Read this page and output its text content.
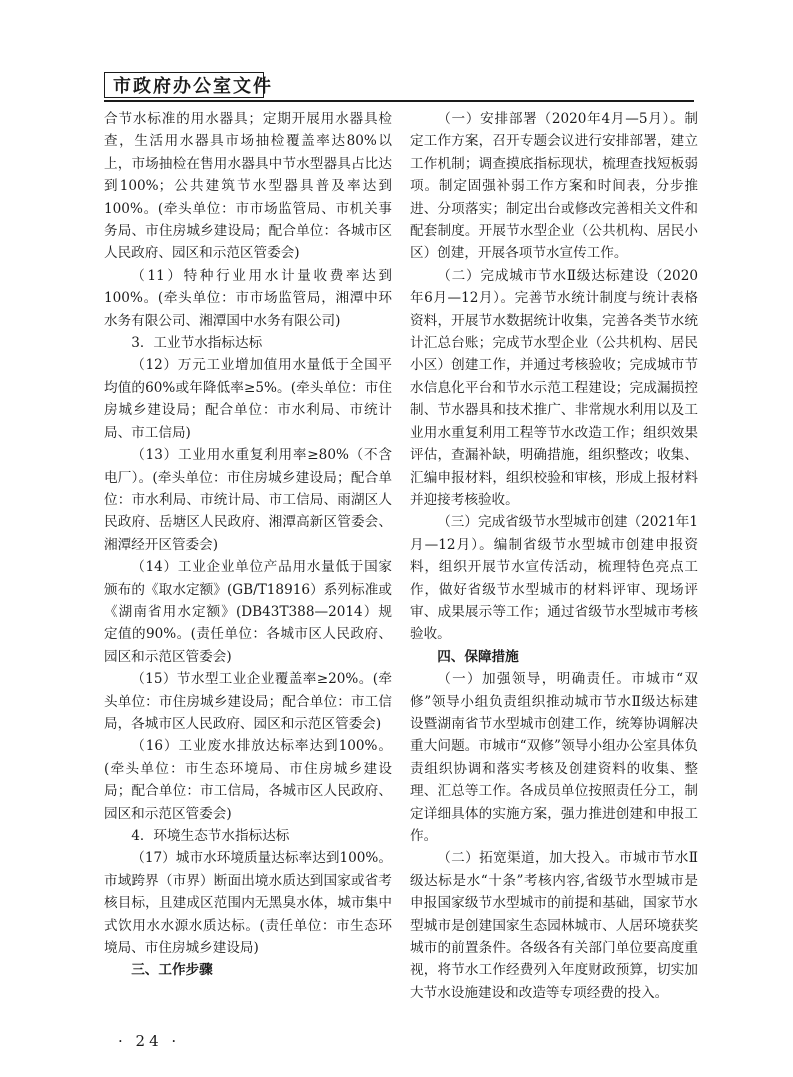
市政府办公室文件

合节水标准的用水器具；定期开展用水器具检查，生活用水器具市场抽检覆盖率达80%以上，市场抽检在售用水器具中节水型器具占比达到100%；公共建筑节水型器具普及率达到100%。(牵头单位：市市场监管局、市机关事务局、市住房城乡建设局；配合单位：各城市区人民政府、园区和示范区管委会)

（11）特种行业用水计量收费率达到100%。(牵头单位：市市场监管局，湘潭中环水务有限公司、湘潭国中水务有限公司)

3．工业节水指标达标

（12）万元工业增加值用水量低于全国平均值的60%或年降低率≥5%。(牵头单位：市住房城乡建设局；配合单位：市水利局、市统计局、市工信局)

（13）工业用水重复利用率≥80%（不含电厂）。(牵头单位：市住房城乡建设局；配合单位：市水利局、市统计局、市工信局、雨湖区人民政府、岳塘区人民政府、湘潭高新区管委会、湘潭经开区管委会)

（14）工业企业单位产品用水量低于国家颁布的《取水定额》(GB/T18916）系列标准或《湖南省用水定额》(DB43T388—2014）规定值的90%。(责任单位：各城市区人民政府、园区和示范区管委会)

（15）节水型工业企业覆盖率≥20%。(牵头单位：市住房城乡建设局；配合单位：市工信局，各城市区人民政府、园区和示范区管委会)

（16）工业废水排放达标率达到100%。(牵头单位：市生态环境局、市住房城乡建设局；配合单位：市工信局，各城市区人民政府、园区和示范区管委会)

4．环境生态节水指标达标

（17）城市水环境质量达标率达到100%。市域跨界（市界）断面出境水质达到国家或省考核目标，且建成区范围内无黑臭水体，城市集中式饮用水水源水质达标。(责任单位：市生态环境局、市住房城乡建设局)

三、工作步骤

（一）安排部署（2020年4月—5月）。制定工作方案，召开专题会议进行安排部署，建立工作机制；调查摸底指标现状，梳理查找短板弱项。制定固强补弱工作方案和时间表，分步推进、分项落实；制定出台或修改完善相关文件和配套制度。开展节水型企业（公共机构、居民小区）创建，开展各项节水宣传工作。

（二）完成城市节水Ⅱ级达标建设（2020年6月—12月）。完善节水统计制度与统计表格资料，开展节水数据统计收集，完善各类节水统计汇总台账；完成节水型企业（公共机构、居民小区）创建工作，并通过考核验收；完成城市节水信息化平台和节水示范工程建设；完成漏损控制、节水器具和技术推广、非常规水利用以及工业用水重复利用工程等节水改造工作；组织效果评估，查漏补缺，明确措施，组织整改；收集、汇编申报材料，组织校验和审核，形成上报材料并迎接考核验收。

（三）完成省级节水型城市创建（2021年1月—12月）。编制省级节水型城市创建申报资料，组织开展节水宣传活动，梳理特色亮点工作，做好省级节水型城市的材料评审、现场评审、成果展示等工作；通过省级节水型城市考核验收。

四、保障措施

（一）加强领导，明确责任。市城市“双修”领导小组负责组织推动城市节水Ⅱ级达标建设暨湖南省节水型城市创建工作，统筹协调解决重大问题。市城市“双修”领导小组办公室具体负责组织协调和落实考核及创建资料的收集、整理、汇总等工作。各成员单位按照责任分工，制定详细具体的实施方案，强力推进创建和申报工作。

（二）拓宽渠道，加大投入。市城市节水Ⅱ级达标是水“十条”考核内容,省级节水型城市是申报国家级节水型城市的前提和基础，国家节水型城市是创建国家生态园林城市、人居环境获奖城市的前置条件。各级各有关部门单位要高度重视，将节水工作经费列入年度财政预算，切实加大节水设施建设和改造等专项经费的投入。

· 24 ·
